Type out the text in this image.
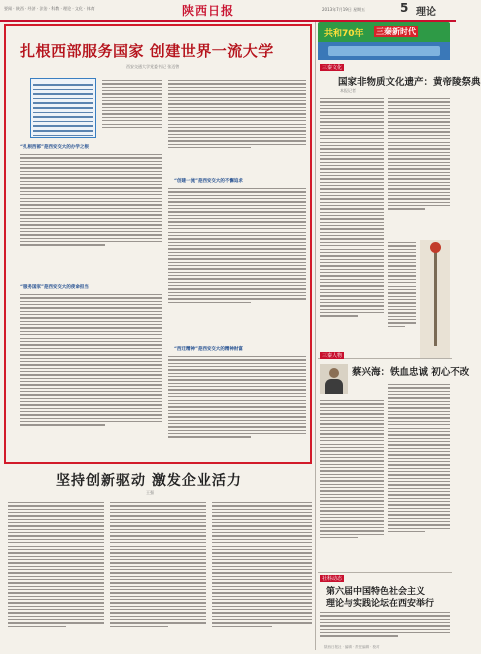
要闻 · 陕西 · 经济 · 法治 · 科教 · 理论 · 文化 · 体育	陕西日报	2013年7月19日 星期五	5 理论
扎根西部服务国家 创建世界一流大学
西安交通大学党委书记 张迈曾
“扎根西部”是西安交大的办学之根
“服务国家”是西安交大的使命担当
“创建一流”是西安交大的不懈追求
“西迁精神”是西安交大的精神财富
坚持创新驱动 激发企业活力
王强
共和70年 三秦新时代
三秦文化
国家非物质文化遗产：黄帝陵祭典
本报记者
三秦人物
蔡兴海：铁血忠诚 初心不改
社科动态
第六届中国特色社会主义
理论与实践论坛在西安举行
陕西日报社 · 编辑 · 责任编辑 · 校对
